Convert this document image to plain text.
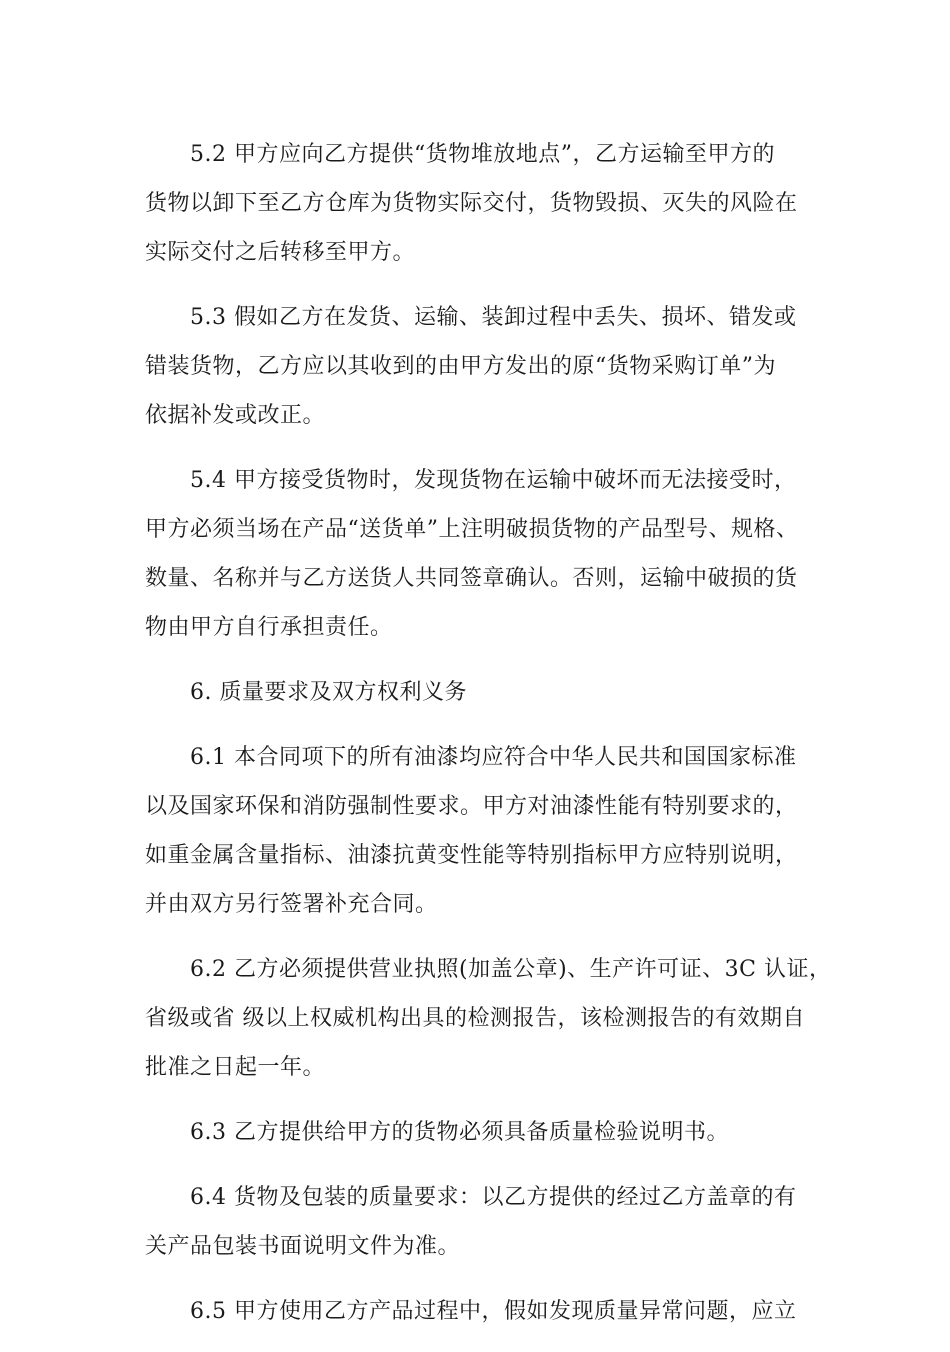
5.2 甲方应向乙方提供“货物堆放地点”，乙方运输至甲方的
货物以卸下至乙方仓库为货物实际交付，货物毁损、灭失的风险在
实际交付之后转移至甲方。
5.3 假如乙方在发货、运输、装卸过程中丢失、损坏、错发或
错装货物，乙方应以其收到的由甲方发出的原“货物采购订单”为
依据补发或改正。
5.4 甲方接受货物时，发现货物在运输中破坏而无法接受时，
甲方必须当场在产品“送货单”上注明破损货物的产品型号、规格、
数量、名称并与乙方送货人共同签章确认。否则，运输中破损的货
物由甲方自行承担责任。
6. 质量要求及双方权利义务
6.1 本合同项下的所有油漆均应符合中华人民共和国国家标准
以及国家环保和消防强制性要求。甲方对油漆性能有特别要求的，
如重金属含量指标、油漆抗黄变性能等特别指标甲方应特别说明，
并由双方另行签署补充合同。
6.2 乙方必须提供营业执照(加盖公章)、生产许可证、3C 认证，
省级或省 级以上权威机构出具的检测报告，该检测报告的有效期自
批准之日起一年。
6.3 乙方提供给甲方的货物必须具备质量检验说明书。
6.4 货物及包装的质量要求：以乙方提供的经过乙方盖章的有
关产品包装书面说明文件为准。
6.5 甲方使用乙方产品过程中，假如发现质量异常问题，应立
